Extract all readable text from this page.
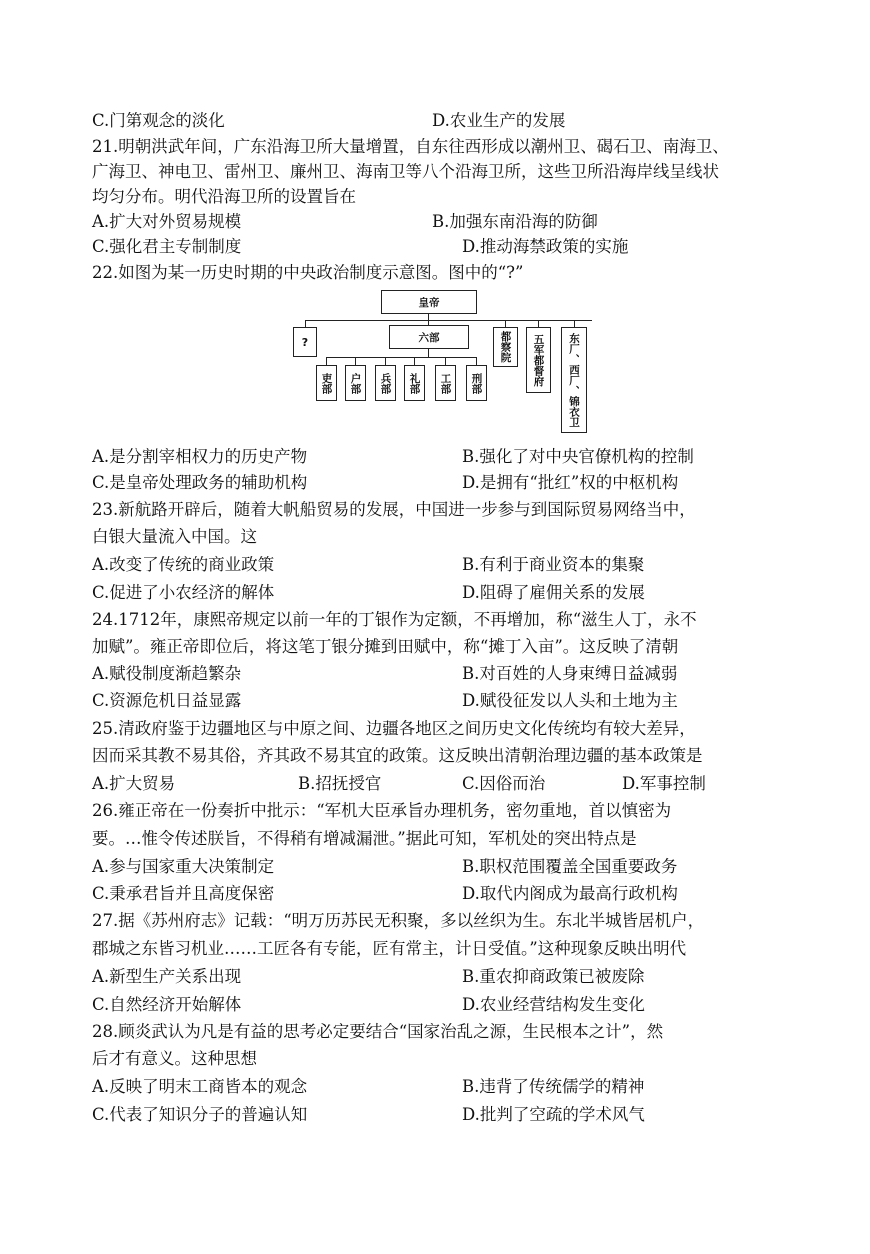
C.门第观念的淡化	D.农业生产的发展
21.明朝洪武年间，广东沿海卫所大量增置，自东往西形成以潮州卫、碣石卫、南海卫、
广海卫、神电卫、雷州卫、廉州卫、海南卫等八个沿海卫所，这些卫所沿海岸线呈线状
均匀分布。明代沿海卫所的设置旨在
A.扩大对外贸易规模	B.加强东南沿海的防御
C.强化君主专制制度	D.推动海禁政策的实施
22.如图为某一历史时期的中央政治制度示意图。图中的“?”
皇帝
?	六部	都察院	五军都督府	东厂、西厂、锦衣卫
吏部	户部	兵部	礼部	工部	刑部
A.是分割宰相权力的历史产物	B.强化了对中央官僚机构的控制
C.是皇帝处理政务的辅助机构	D.是拥有“批红”权的中枢机构
23.新航路开辟后，随着大帆船贸易的发展，中国进一步参与到国际贸易网络当中，
白银大量流入中国。这
A.改变了传统的商业政策	B.有利于商业资本的集聚
C.促进了小农经济的解体	D.阻碍了雇佣关系的发展
24.1712年，康熙帝规定以前一年的丁银作为定额，不再增加，称“滋生人丁，永不
加赋”。雍正帝即位后，将这笔丁银分摊到田赋中，称“摊丁入亩”。这反映了清朝
A.赋役制度渐趋繁杂	B.对百姓的人身束缚日益减弱
C.资源危机日益显露	D.赋役征发以人头和土地为主
25.清政府鉴于边疆地区与中原之间、边疆各地区之间历史文化传统均有较大差异，
因而采其教不易其俗，齐其政不易其宜的政策。这反映出清朝治理边疆的基本政策是
A.扩大贸易	B.招抚授官	C.因俗而治	D.军事控制
26.雍正帝在一份奏折中批示：“军机大臣承旨办理机务，密勿重地，首以慎密为
要。…惟令传述朕旨，不得稍有增减漏泄。”据此可知，军机处的突出特点是
A.参与国家重大决策制定	B.职权范围覆盖全国重要政务
C.秉承君旨并且高度保密	D.取代内阁成为最高行政机构
27.据《苏州府志》记载：“明万历苏民无积聚，多以丝织为生。东北半城皆居机户，
郡城之东皆习机业……工匠各有专能，匠有常主，计日受值。”这种现象反映出明代
A.新型生产关系出现	B.重农抑商政策已被废除
C.自然经济开始解体	D.农业经营结构发生变化
28.顾炎武认为凡是有益的思考必定要结合“国家治乱之源，生民根本之计”，然
后才有意义。这种思想
A.反映了明末工商皆本的观念	B.违背了传统儒学的精神
C.代表了知识分子的普遍认知	D.批判了空疏的学术风气
